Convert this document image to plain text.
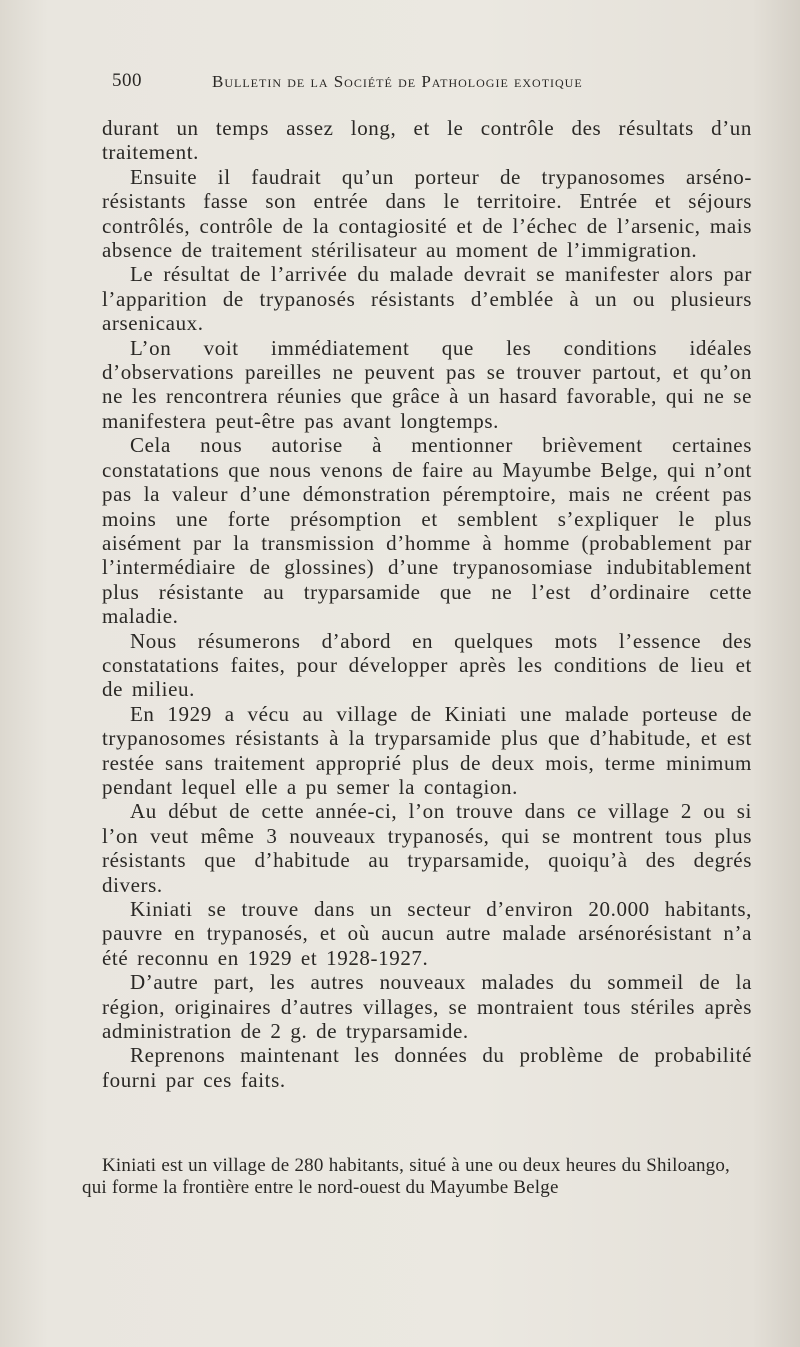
500	Bulletin de la Société de Pathologie exotique

durant un temps assez long, et le contrôle des résultats d’un traitement.

Ensuite il faudrait qu’un porteur de trypanosomes arséno-résistants fasse son entrée dans le territoire. Entrée et séjours contrôlés, contrôle de la contagiosité et de l’échec de l’arsenic, mais absence de traitement stérilisateur au moment de l’immigration.

Le résultat de l’arrivée du malade devrait se manifester alors par l’apparition de trypanosés résistants d’emblée à un ou plusieurs arsenicaux.

L’on voit immédiatement que les conditions idéales d’observations pareilles ne peuvent pas se trouver partout, et qu’on ne les rencontrera réunies que grâce à un hasard favorable, qui ne se manifestera peut-être pas avant longtemps.

Cela nous autorise à mentionner brièvement certaines constatations que nous venons de faire au Mayumbe Belge, qui n’ont pas la valeur d’une démonstration péremptoire, mais ne créent pas moins une forte présomption et semblent s’expliquer le plus aisément par la transmission d’homme à homme (probablement par l’intermédiaire de glossines) d’une trypanosomiase indubitablement plus résistante au tryparsamide que ne l’est d’ordinaire cette maladie.

Nous résumerons d’abord en quelques mots l’essence des constatations faites, pour développer après les conditions de lieu et de milieu.

En 1929 a vécu au village de Kiniati une malade porteuse de trypanosomes résistants à la tryparsamide plus que d’habitude, et est restée sans traitement approprié plus de deux mois, terme minimum pendant lequel elle a pu semer la contagion.

Au début de cette année-ci, l’on trouve dans ce village 2 ou si l’on veut même 3 nouveaux trypanosés, qui se montrent tous plus résistants que d’habitude au tryparsamide, quoiqu’à des degrés divers.

Kiniati se trouve dans un secteur d’environ 20.000 habitants, pauvre en trypanosés, et où aucun autre malade arsénorésistant n’a été reconnu en 1929 et 1928-1927.

D’autre part, les autres nouveaux malades du sommeil de la région, originaires d’autres villages, se montraient tous stériles après administration de 2 g. de tryparsamide.

Reprenons maintenant les données du problème de probabilité fourni par ces faits.

Kiniati est un village de 280 habitants, situé à une ou deux heures du Shiloango, qui forme la frontière entre le nord-ouest du Mayumbe Belge
